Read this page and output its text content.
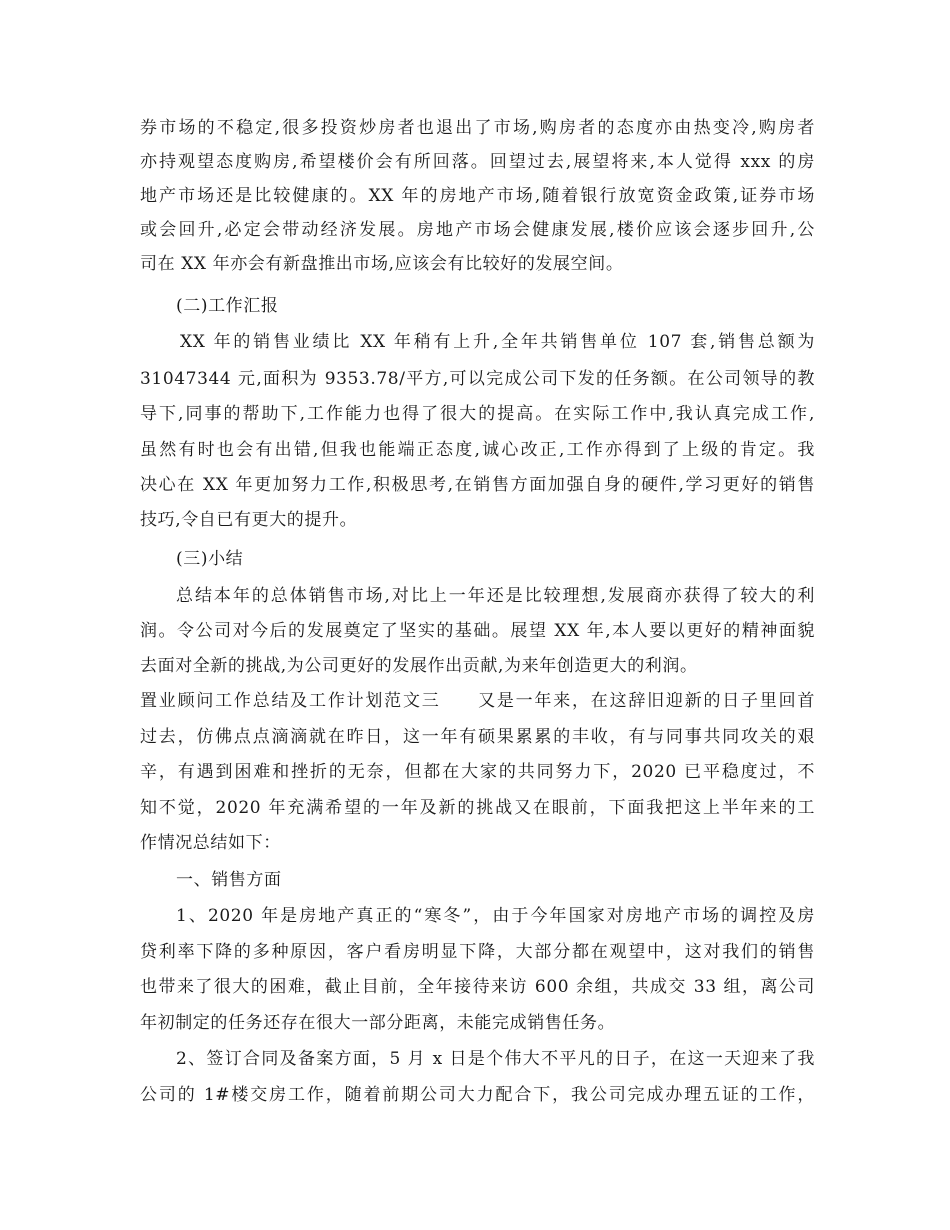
券市场的不稳定,很多投资炒房者也退出了市场,购房者的态度亦由热变冷,购房者
亦持观望态度购房,希望楼价会有所回落。回望过去,展望将来,本人觉得 xxx 的房
地产市场还是比较健康的。XX 年的房地产市场,随着银行放宽资金政策,证券市场
或会回升,必定会带动经济发展。房地产市场会健康发展,楼价应该会逐步回升,公
司在 XX 年亦会有新盘推出市场,应该会有比较好的发展空间。
(二)工作汇报
XX 年的销售业绩比 XX 年稍有上升,全年共销售单位 107 套,销售总额为
31047344 元,面积为 9353.78/平方,可以完成公司下发的任务额。在公司领导的教
导下,同事的帮助下,工作能力也得了很大的提高。在实际工作中,我认真完成工作,
虽然有时也会有出错,但我也能端正态度,诚心改正,工作亦得到了上级的肯定。我
决心在 XX 年更加努力工作,积极思考,在销售方面加强自身的硬件,学习更好的销售
技巧,令自已有更大的提升。
(三)小结
总结本年的总体销售市场,对比上一年还是比较理想,发展商亦获得了较大的利
润。令公司对今后的发展奠定了坚实的基础。展望 XX 年,本人要以更好的精神面貌
去面对全新的挑战,为公司更好的发展作出贡献,为来年创造更大的利润。
置业顾问工作总结及工作计划范文三　　又是一年来，在这辞旧迎新的日子里回首
过去，仿佛点点滴滴就在昨日，这一年有硕果累累的丰收，有与同事共同攻关的艰
辛，有遇到困难和挫折的无奈，但都在大家的共同努力下，2020 已平稳度过，不
知不觉，2020 年充满希望的一年及新的挑战又在眼前，下面我把这上半年来的工
作情况总结如下：
一、销售方面
1、2020 年是房地产真正的“寒冬”，由于今年国家对房地产市场的调控及房
贷利率下降的多种原因，客户看房明显下降，大部分都在观望中，这对我们的销售
也带来了很大的困难，截止目前，全年接待来访 600 余组，共成交 33 组，离公司
年初制定的任务还存在很大一部分距离，未能完成销售任务。
2、签订合同及备案方面，5 月 x 日是个伟大不平凡的日子，在这一天迎来了我
公司的 1#楼交房工作，随着前期公司大力配合下，我公司完成办理五证的工作，
